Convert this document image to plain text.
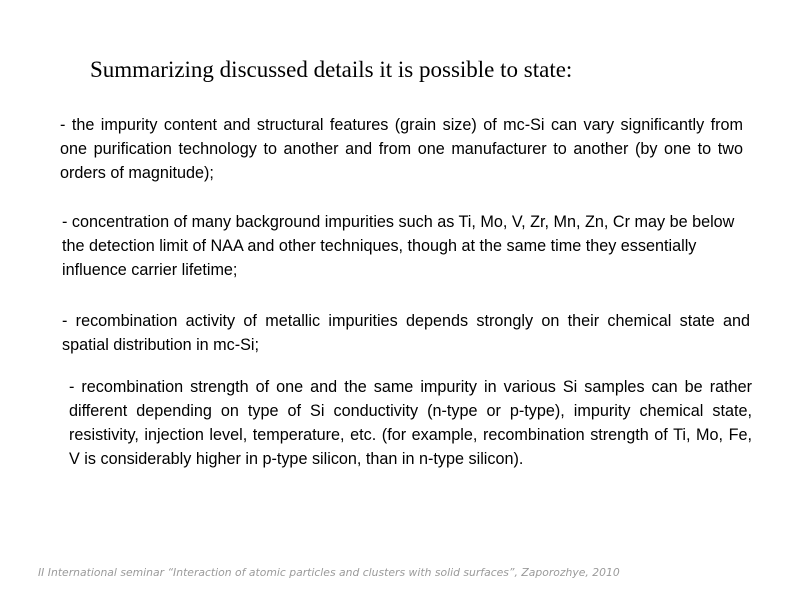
Summarizing discussed details it is possible to state:

- the impurity content and structural features (grain size) of mc-Si can vary significantly from one purification technology to another and from one manufacturer to another (by one to two orders of magnitude);

- concentration of many background impurities such as Ti, Mo, V, Zr, Mn, Zn, Cr may be below the detection limit of NAA and other techniques, though at the same time they essentially influence carrier lifetime;

- recombination activity of metallic impurities depends strongly on their chemical state and spatial distribution in mc-Si;

- recombination strength of one and the same impurity in various Si samples can be rather different depending on type of Si conductivity (n-type or p-type), impurity chemical state, resistivity, injection level, temperature, etc. (for example, recombination strength of Ti, Mo, Fe, V is considerably higher in p-type silicon, than in n-type silicon).

II International seminar “Interaction of atomic particles and clusters with solid surfaces”, Zaporozhye, 2010
